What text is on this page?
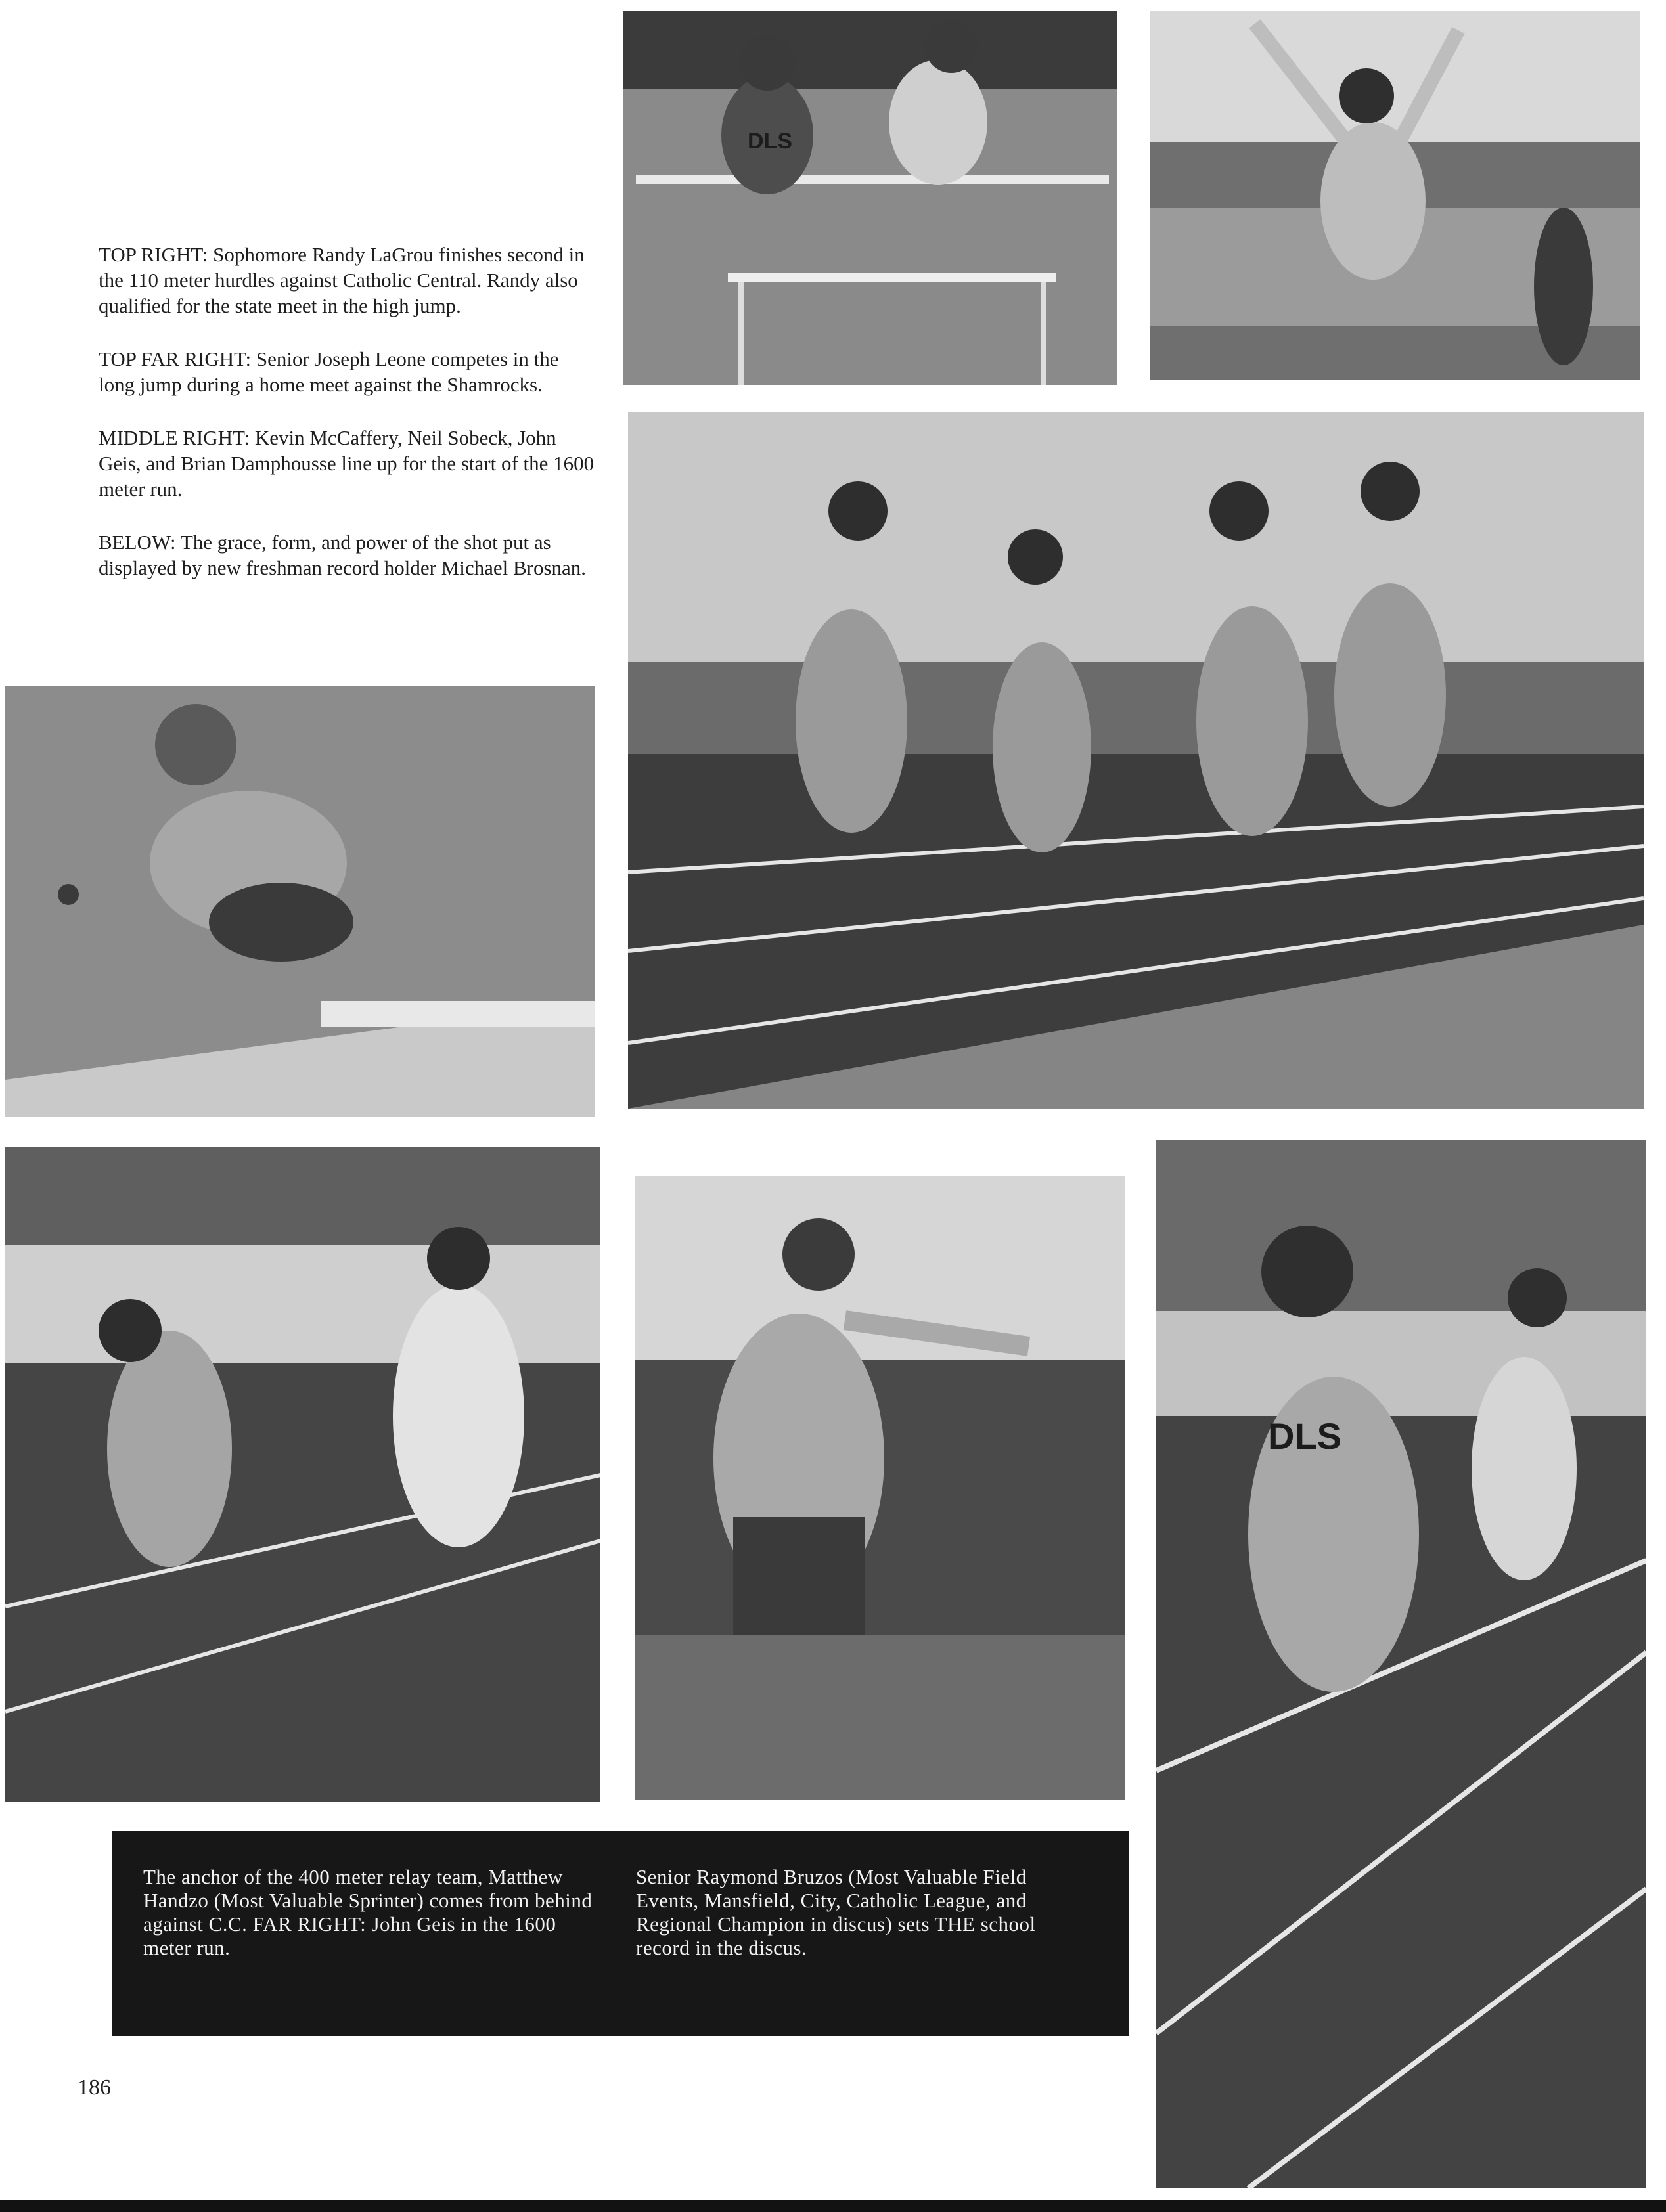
TOP RIGHT: Sophomore Randy LaGrou finishes second in the 110 meter hurdles against Catholic Central. Randy also qualified for the state meet in the high jump.

TOP FAR RIGHT: Senior Joseph Leone competes in the long jump during a home meet against the Shamrocks.

MIDDLE RIGHT: Kevin McCaffery, Neil Sobeck, John Geis, and Brian Damphousse line up for the start of the 1600 meter run.

BELOW: The grace, form, and power of the shot put as displayed by new freshman record holder Michael Brosnan.

DLS
DLS
The anchor of the 400 meter relay team, Matthew Handzo (Most Valuable Sprinter) comes from behind against C.C. FAR RIGHT: John Geis in the 1600 meter run.
Senior Raymond Bruzos (Most Valuable Field Events, Mansfield, City, Catholic League, and Regional Champion in discus) sets THE school record in the discus.
186
